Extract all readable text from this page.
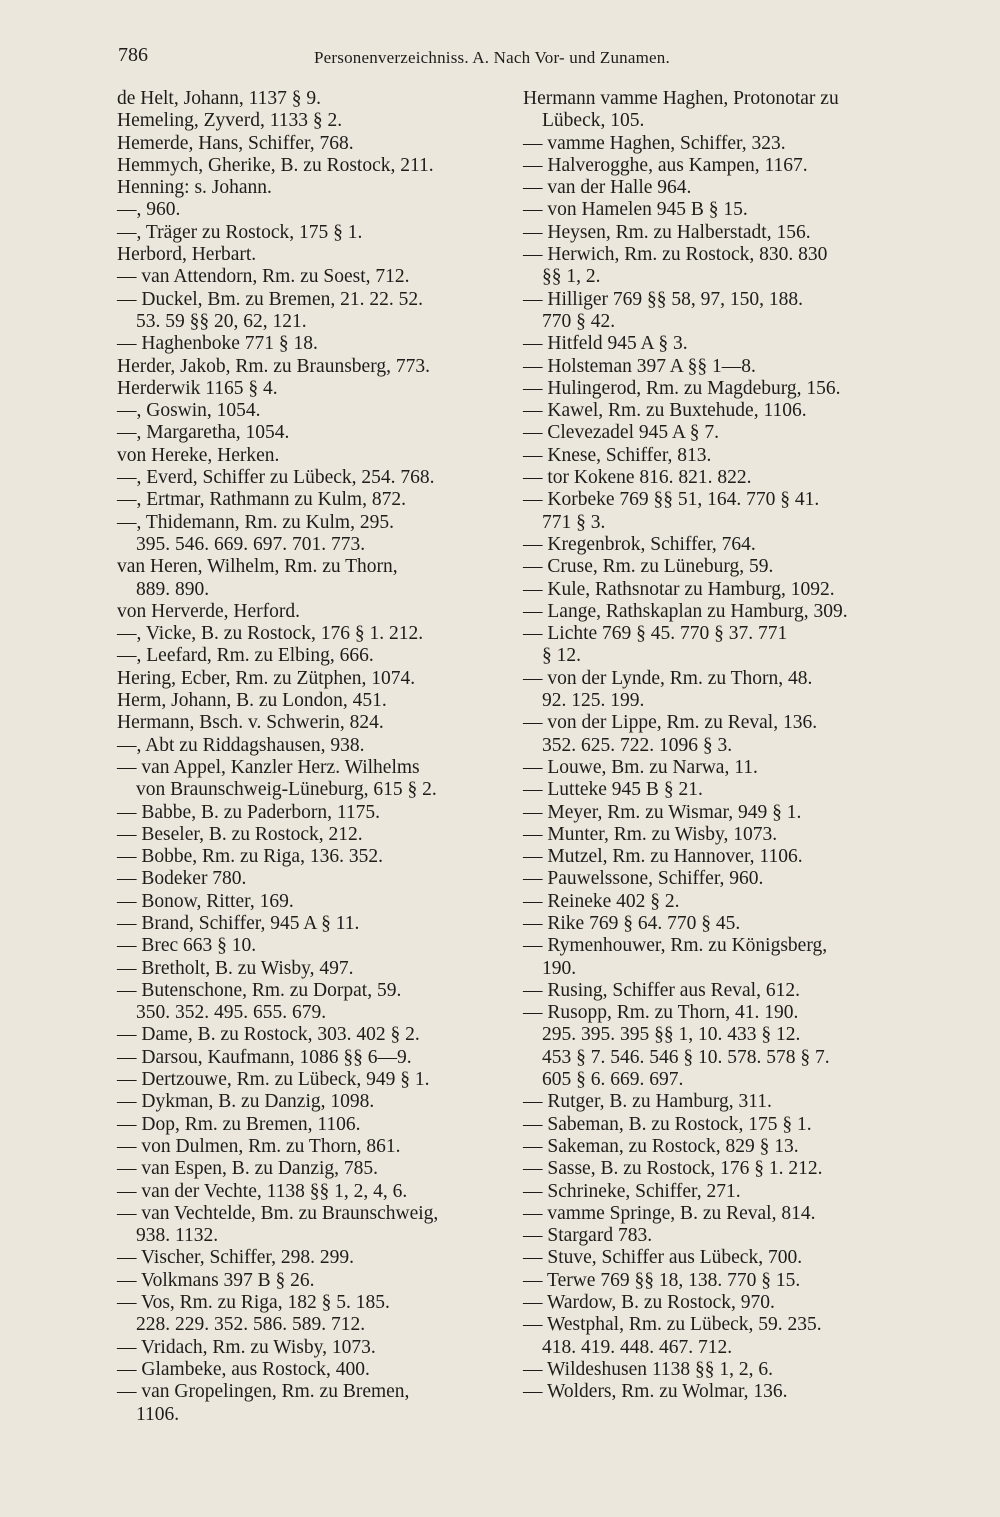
786	Personenverzeichniss. A. Nach Vor- und Zunamen.
de Helt, Johann, 1137 § 9.
Hemeling, Zyverd, 1133 § 2.
Hemerde, Hans, Schiffer, 768.
Hemmych, Gherike, B. zu Rostock, 211.
Henning: s. Johann.
—, 960.
—, Träger zu Rostock, 175 § 1.
Herbord, Herbart.
— van Attendorn, Rm. zu Soest, 712.
— Duckel, Bm. zu Bremen, 21. 22. 52.
53. 59 §§ 20, 62, 121.
— Haghenboke 771 § 18.
Herder, Jakob, Rm. zu Braunsberg, 773.
Herderwik 1165 § 4.
—, Goswin, 1054.
—, Margaretha, 1054.
von Hereke, Herken.
—, Everd, Schiffer zu Lübeck, 254. 768.
—, Ertmar, Rathmann zu Kulm, 872.
—, Thidemann, Rm. zu Kulm, 295.
395. 546. 669. 697. 701. 773.
van Heren, Wilhelm, Rm. zu Thorn,
889. 890.
von Herverde, Herford.
—, Vicke, B. zu Rostock, 176 § 1. 212.
—, Leefard, Rm. zu Elbing, 666.
Hering, Ecber, Rm. zu Zütphen, 1074.
Herm, Johann, B. zu London, 451.
Hermann, Bsch. v. Schwerin, 824.
—, Abt zu Riddagshausen, 938.
— van Appel, Kanzler Herz. Wilhelms
von Braunschweig-Lüneburg, 615 § 2.
— Babbe, B. zu Paderborn, 1175.
— Beseler, B. zu Rostock, 212.
— Bobbe, Rm. zu Riga, 136. 352.
— Bodeker 780.
— Bonow, Ritter, 169.
— Brand, Schiffer, 945 A § 11.
— Brec 663 § 10.
— Bretholt, B. zu Wisby, 497.
— Butenschone, Rm. zu Dorpat, 59.
350. 352. 495. 655. 679.
— Dame, B. zu Rostock, 303. 402 § 2.
— Darsou, Kaufmann, 1086 §§ 6—9.
— Dertzouwe, Rm. zu Lübeck, 949 § 1.
— Dykman, B. zu Danzig, 1098.
— Dop, Rm. zu Bremen, 1106.
— von Dulmen, Rm. zu Thorn, 861.
— van Espen, B. zu Danzig, 785.
— van der Vechte, 1138 §§ 1, 2, 4, 6.
— van Vechtelde, Bm. zu Braunschweig,
938. 1132.
— Vischer, Schiffer, 298. 299.
— Volkmans 397 B § 26.
— Vos, Rm. zu Riga, 182 § 5. 185.
228. 229. 352. 586. 589. 712.
— Vridach, Rm. zu Wisby, 1073.
— Glambeke, aus Rostock, 400.
— van Gropelingen, Rm. zu Bremen,
1106.
Hermann vamme Haghen, Protonotar zu
Lübeck, 105.
— vamme Haghen, Schiffer, 323.
— Halverogghe, aus Kampen, 1167.
— van der Halle 964.
— von Hamelen 945 B § 15.
— Heysen, Rm. zu Halberstadt, 156.
— Herwich, Rm. zu Rostock, 830. 830
§§ 1, 2.
— Hilliger 769 §§ 58, 97, 150, 188.
770 § 42.
— Hitfeld 945 A § 3.
— Holsteman 397 A §§ 1—8.
— Hulingerod, Rm. zu Magdeburg, 156.
— Kawel, Rm. zu Buxtehude, 1106.
— Clevezadel 945 A § 7.
— Knese, Schiffer, 813.
— tor Kokene 816. 821. 822.
— Korbeke 769 §§ 51, 164. 770 § 41.
771 § 3.
— Kregenbrok, Schiffer, 764.
— Cruse, Rm. zu Lüneburg, 59.
— Kule, Rathsnotar zu Hamburg, 1092.
— Lange, Rathskaplan zu Hamburg, 309.
— Lichte 769 § 45. 770 § 37. 771
§ 12.
— von der Lynde, Rm. zu Thorn, 48.
92. 125. 199.
— von der Lippe, Rm. zu Reval, 136.
352. 625. 722. 1096 § 3.
— Louwe, Bm. zu Narwa, 11.
— Lutteke 945 B § 21.
— Meyer, Rm. zu Wismar, 949 § 1.
— Munter, Rm. zu Wisby, 1073.
— Mutzel, Rm. zu Hannover, 1106.
— Pauwelssone, Schiffer, 960.
— Reineke 402 § 2.
— Rike 769 § 64. 770 § 45.
— Rymenhouwer, Rm. zu Königsberg,
190.
— Rusing, Schiffer aus Reval, 612.
— Rusopp, Rm. zu Thorn, 41. 190.
295. 395. 395 §§ 1, 10. 433 § 12.
453 § 7. 546. 546 § 10. 578. 578 § 7.
605 § 6. 669. 697.
— Rutger, B. zu Hamburg, 311.
— Sabeman, B. zu Rostock, 175 § 1.
— Sakeman, zu Rostock, 829 § 13.
— Sasse, B. zu Rostock, 176 § 1. 212.
— Schrineke, Schiffer, 271.
— vamme Springe, B. zu Reval, 814.
— Stargard 783.
— Stuve, Schiffer aus Lübeck, 700.
— Terwe 769 §§ 18, 138. 770 § 15.
— Wardow, B. zu Rostock, 970.
— Westphal, Rm. zu Lübeck, 59. 235.
418. 419. 448. 467. 712.
— Wildeshusen 1138 §§ 1, 2, 6.
— Wolders, Rm. zu Wolmar, 136.
